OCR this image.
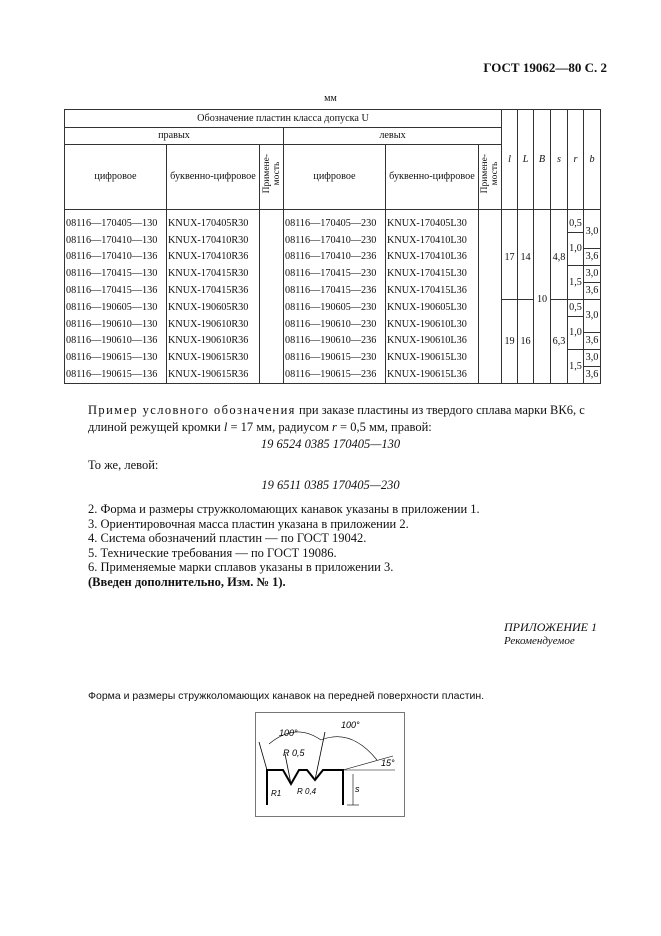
ГОСТ 19062—80 С. 2
мм
Обозначение пластин класса допуска U						l	L	B	s	r	b
правых			левых								
цифровое	буквенно-цифровое	Примене-
мость	цифровое	буквенно-цифровое	Примене-
мость						

08116—170405—130	KNUX-170405R30		08116—170405—230	KNUX-170405L30		17	14	10	4,8	0,5	3,0
08116—170410—130	KNUX-170410R30		08116—170410—230	KNUX-170410L30						1,0	
08116—170410—136	KNUX-170410R36		08116—170410—236	KNUX-170410L36							3,6
08116—170415—130	KNUX-170415R30		08116—170415—230	KNUX-170415L30						1,5	3,0
08116—170415—136	KNUX-170415R36		08116—170415—236	KNUX-170415L36							3,6
08116—190605—130	KNUX-190605R30		08116—190605—230	KNUX-190605L30		19	16		6,3	0,5	3,0
08116—190610—130	KNUX-190610R30		08116—190610—230	KNUX-190610L30						1,0	
08116—190610—136	KNUX-190610R36		08116—190610—236	KNUX-190610L36							3,6
08116—190615—130	KNUX-190615R30		08116—190615—230	KNUX-190615L30						1,5	3,0
08116—190615—136	KNUX-190615R36		08116—190615—236	KNUX-190615L36							3,6
Пример условного обозначения при заказе пластины из твердого сплава марки ВК6, с длиной режущей кромки l = 17 мм, радиусом r = 0,5 мм, правой:
19 6524 0385 170405—130
То же, левой:
19 6511 0385 170405—230
2. Форма и размеры стружколомающих канавок указаны в приложении 1.
3. Ориентировочная масса пластин указана в приложении 2.
4. Система обозначений пластин — по ГОСТ 19042.
5. Технические требования — по ГОСТ 19086.
6. Применяемые марки сплавов указаны в приложении 3.
(Введен дополнительно, Изм. № 1).
ПРИЛОЖЕНИЕ 1
Рекомендуемое
Форма и размеры стружколомающих канавок на передней поверхности пластин.
100°
100°
15°
R 0,5
R 0,4
R1	s
